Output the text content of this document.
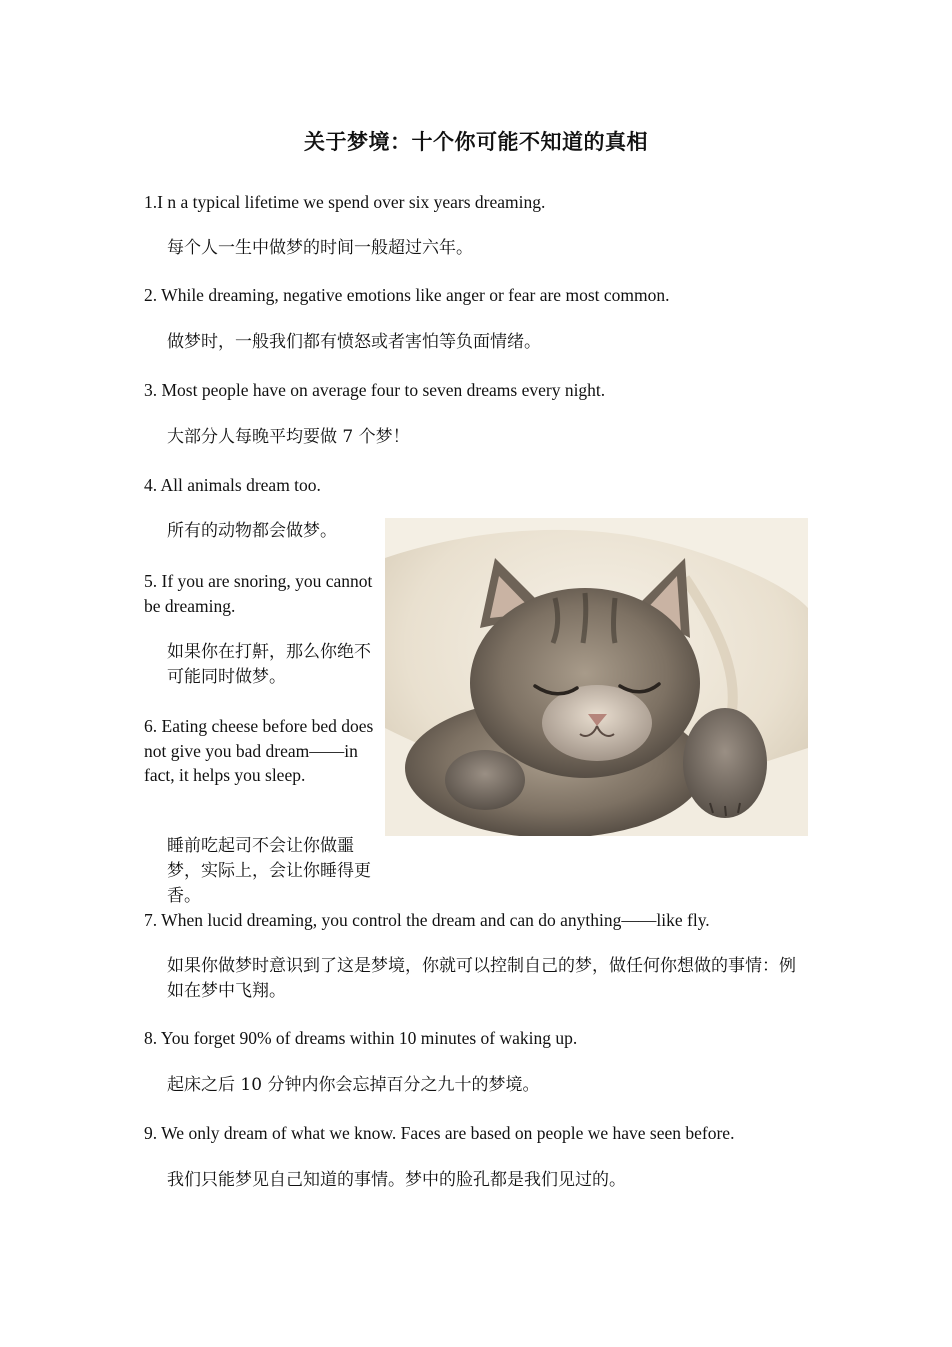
关于梦境：十个你可能不知道的真相
1.I n a typical lifetime we spend over six years dreaming.
每个人一生中做梦的时间一般超过六年。
2. While dreaming, negative emotions like anger or fear are most common.
做梦时，一般我们都有愤怒或者害怕等负面情绪。
3. Most people have on average four to seven dreams every night.
大部分人每晚平均要做 7 个梦！
4. All animals dream too.
所有的动物都会做梦。
5. If you are snoring, you cannot be dreaming.
如果你在打鼾，那么你绝不可能同时做梦。
6. Eating cheese before bed does not give you bad dream——in fact, it helps you sleep.
睡前吃起司不会让你做噩梦，实际上，会让你睡得更香。
7. When lucid dreaming, you control the dream and can do anything——like fly.
如果你做梦时意识到了这是梦境，你就可以控制自己的梦，做任何你想做的事情：例如在梦中飞翔。
8. You forget 90% of dreams within 10 minutes of waking up.
起床之后 10 分钟内你会忘掉百分之九十的梦境。
9. We only dream of what we know. Faces are based on people we have seen before.
我们只能梦见自己知道的事情。梦中的脸孔都是我们见过的。
